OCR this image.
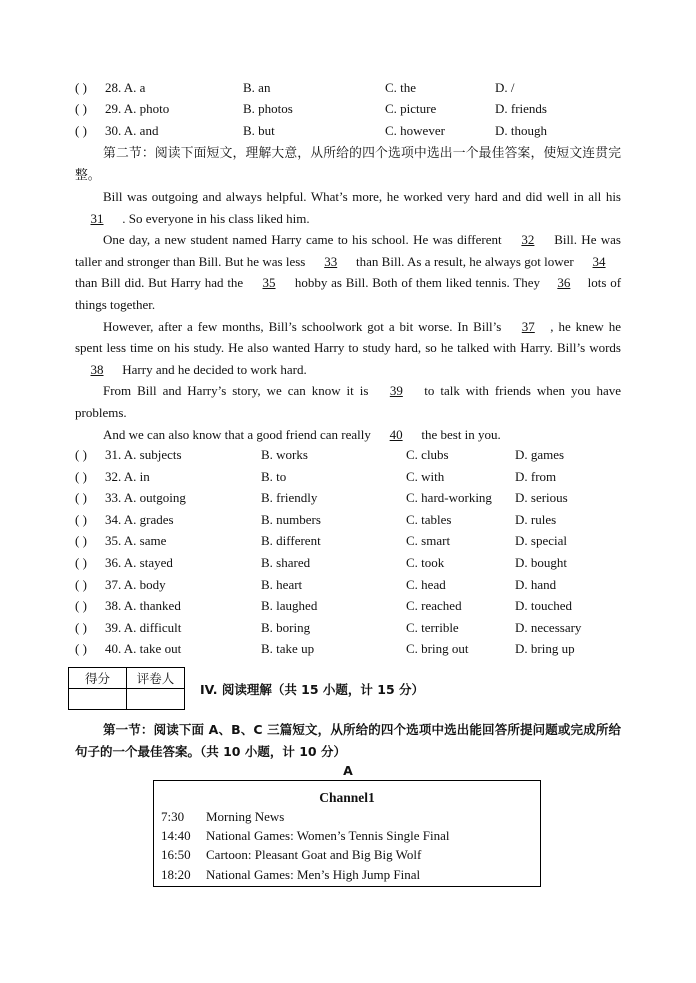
( ) 28. A. a	B. an	C. the	D. /
( ) 29. A. photo	B. photos	C. picture	D. friends
( ) 30. A. and	B. but	C. however	D. though

第二节：阅读下面短文，理解大意，从所给的四个选项中选出一个最佳答案，使短文连贯完整。

Bill was outgoing and always helpful. What’s more, he worked very hard and did well in all his 31 . So everyone in his class liked him.

One day, a new student named Harry came to his school. He was different 32 Bill. He was taller and stronger than Bill. But he was less 33 than Bill. As a result, he always got lower 34 than Bill did. But Harry had the 35 hobby as Bill. Both of them liked tennis. They 36 lots of things together.

However, after a few months, Bill’s schoolwork got a bit worse. In Bill’s 37 , he knew he spent less time on his study. He also wanted Harry to study hard, so he talked with Harry. Bill’s words 38 Harry and he decided to work hard.

From Bill and Harry’s story, we can know it is 39 to talk with friends when you have problems.

And we can also know that a good friend can really 40 the best in you.

( ) 31. A. subjects	B. works	C. clubs	D. games
( ) 32. A. in	B. to	C. with	D. from
( ) 33. A. outgoing	B. friendly	C. hard-working D. serious
( ) 34. A. grades	B. numbers	C. tables	D. rules
( ) 35. A. same	B. different	C. smart	D. special
( ) 36. A. stayed	B. shared	C. took	D. bought
( ) 37. A. body	B. heart	C. head	D. hand
( ) 38. A. thanked	B. laughed	C. reached	D. touched
( ) 39. A. difficult	B. boring	C. terrible	D. necessary
( ) 40. A. take out	B. take up	C. bring out	D. bring up
得分	评卷人

IV. 阅读理解（共 15 小题，计 15 分）

第一节：阅读下面 A、B、C 三篇短文，从所给的四个选项中选出能回答所提问题或完成所给句子的一个最佳答案。（共 10 小题，计 10 分）

A
Channel1
7:30 Morning News
14:40 National Games: Women’s Tennis Single Final
16:50 Cartoon: Pleasant Goat and Big Big Wolf
18:20 National Games: Men’s High Jump Final
